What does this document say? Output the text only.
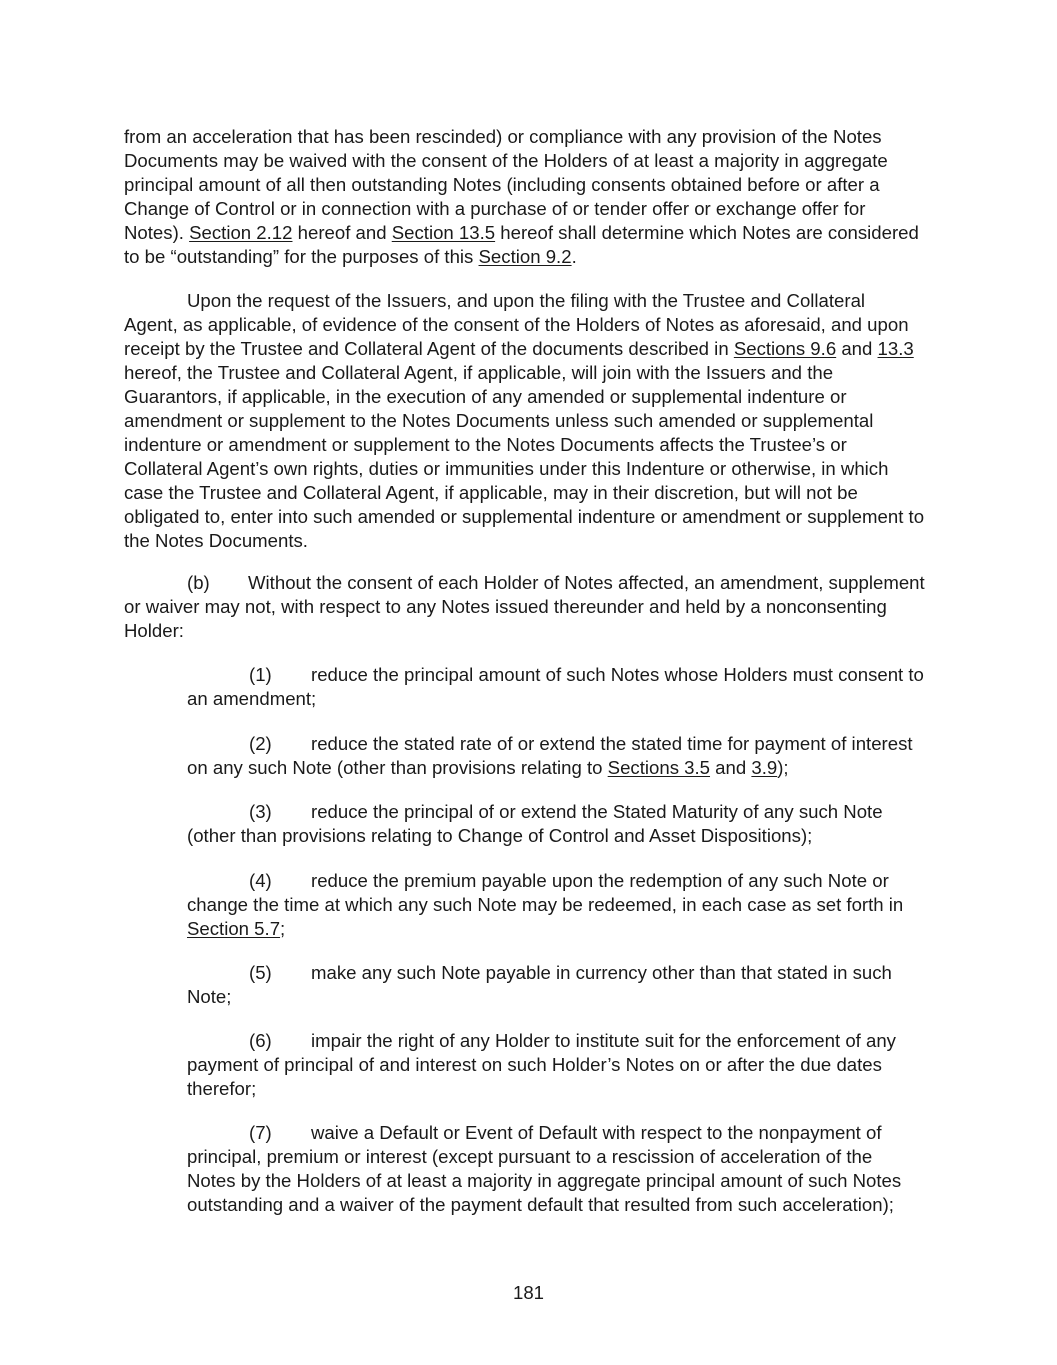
from an acceleration that has been rescinded) or compliance with any provision of the Notes
Documents may be waived with the consent of the Holders of at least a majority in aggregate
principal amount of all then outstanding Notes (including consents obtained before or after a
Change of Control or in connection with a purchase of or tender offer or exchange offer for
Notes). Section 2.12 hereof and Section 13.5 hereof shall determine which Notes are considered
to be “outstanding” for the purposes of this Section 9.2.
Upon the request of the Issuers, and upon the filing with the Trustee and Collateral
Agent, as applicable, of evidence of the consent of the Holders of Notes as aforesaid, and upon
receipt by the Trustee and Collateral Agent of the documents described in Sections 9.6 and 13.3
hereof, the Trustee and Collateral Agent, if applicable, will join with the Issuers and the
Guarantors, if applicable, in the execution of any amended or supplemental indenture or
amendment or supplement to the Notes Documents unless such amended or supplemental
indenture or amendment or supplement to the Notes Documents affects the Trustee’s or
Collateral Agent’s own rights, duties or immunities under this Indenture or otherwise, in which
case the Trustee and Collateral Agent, if applicable, may in their discretion, but will not be
obligated to, enter into such amended or supplemental indenture or amendment or supplement to
the Notes Documents.
(b) Without the consent of each Holder of Notes affected, an amendment, supplement
or waiver may not, with respect to any Notes issued thereunder and held by a nonconsenting
Holder:
(1) reduce the principal amount of such Notes whose Holders must consent to
an amendment;
(2) reduce the stated rate of or extend the stated time for payment of interest
on any such Note (other than provisions relating to Sections 3.5 and 3.9);
(3) reduce the principal of or extend the Stated Maturity of any such Note
(other than provisions relating to Change of Control and Asset Dispositions);
(4) reduce the premium payable upon the redemption of any such Note or
change the time at which any such Note may be redeemed, in each case as set forth in
Section 5.7;
(5) make any such Note payable in currency other than that stated in such
Note;
(6) impair the right of any Holder to institute suit for the enforcement of any
payment of principal of and interest on such Holder’s Notes on or after the due dates
therefor;
(7) waive a Default or Event of Default with respect to the nonpayment of
principal, premium or interest (except pursuant to a rescission of acceleration of the
Notes by the Holders of at least a majority in aggregate principal amount of such Notes
outstanding and a waiver of the payment default that resulted from such acceleration);
181
